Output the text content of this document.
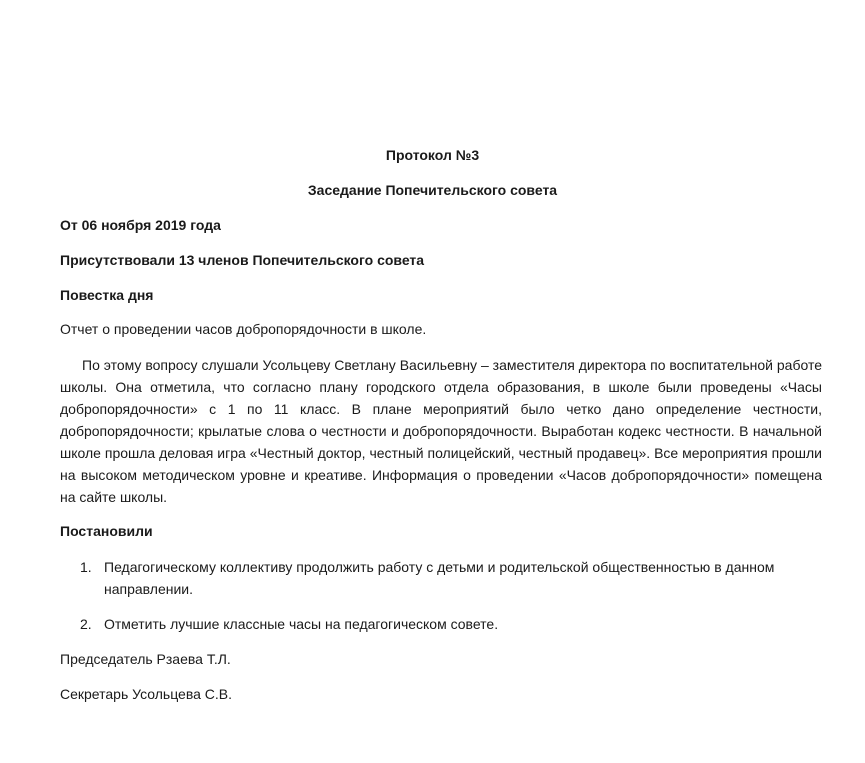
Протокол №3
Заседание Попечительского совета
От 06 ноября 2019 года
Присутствовали 13 членов Попечительского совета
Повестка дня
Отчет о проведении часов добропорядочности в школе.
По этому вопросу слушали Усольцеву Светлану Васильевну – заместителя директора по воспитательной работе школы. Она отметила, что согласно плану городского отдела образования, в школе были проведены «Часы добропорядочности» с 1 по 11 класс. В плане мероприятий было четко дано определение честности, добропорядочности; крылатые слова о честности и добропорядочности. Выработан кодекс честности. В начальной школе прошла деловая игра «Честный доктор, честный полицейский, честный продавец». Все мероприятия прошли на высоком методическом уровне и креативе. Информация о проведении «Часов добропорядочности» помещена на сайте школы.
Постановили
1. Педагогическому коллективу продолжить работу с детьми и родительской общественностью в данном направлении.
2. Отметить лучшие классные часы на педагогическом совете.
Председатель Рзаева Т.Л.
Секретарь Усольцева С.В.
